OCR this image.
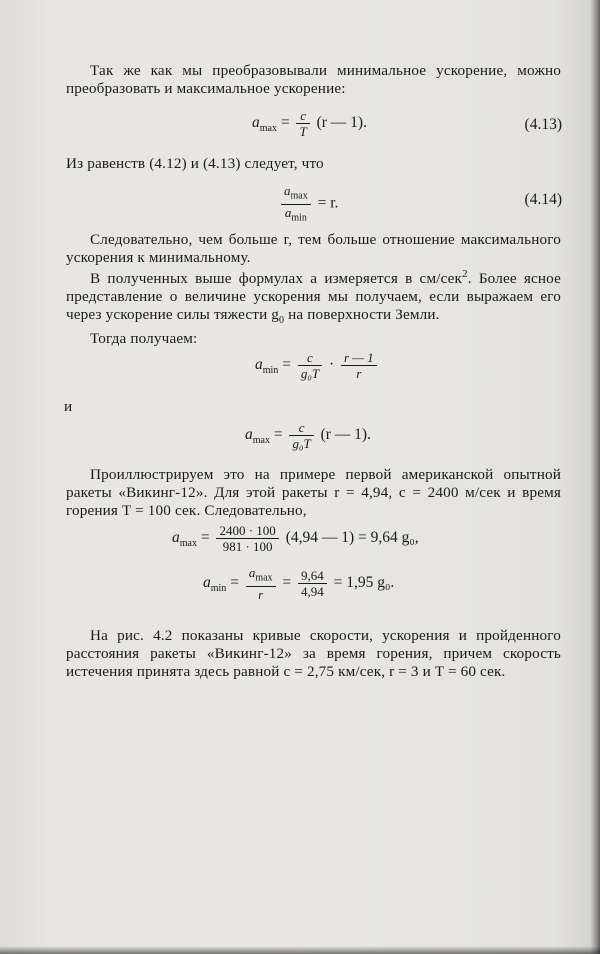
Так же как мы преобразовывали минимальное ускорение, можно преобразовать и максимальное ускорение:
$a_{max} = \frac{c}{T} (r$ — 1).	(4.13)
Из равенств (4.12) и (4.13) следует, что
$\frac{a_{max}}{a_{min}} = r$.	(4.14)
Следовательно, чем больше r, тем больше отношение максимального ускорения к минимальному.
В полученных выше формулах a измеряется в см/сек$^2$. Более ясное представление о величине ускорения мы получаем, если выражаем его через ускорение силы тяжести $g_0$ на поверхности Земли.
Тогда получаем:
$a_{min} = \frac{c}{\text{g₀T}} \cdot \frac{r — 1}{r}$
и
$a_{max} = \frac{c}{\text{g₀T}} (r$ — 1).
Проиллюстрируем это на примере первой американской опытной ракеты «Викинг-12». Для этой ракеты r = 4,94, c = 2400 м/сек и время горения T = 100 сек. Следовательно,
$a_{max} = \frac{2400 \cdot 100}{981 \cdot 100} (4,94$ — 1) = 9,64 g₀,
$a_{min} = \frac{a_{max}}{r} = \frac{9,64}{4,94} = 1,95$ g₀.
На рис. 4.2 показаны кривые скорости, ускорения и пройденного расстояния ракеты «Викинг-12» за время горения, причем скорость истечения принята здесь равной c = 2,75 км/сек, r = 3 и T = 60 сек.
